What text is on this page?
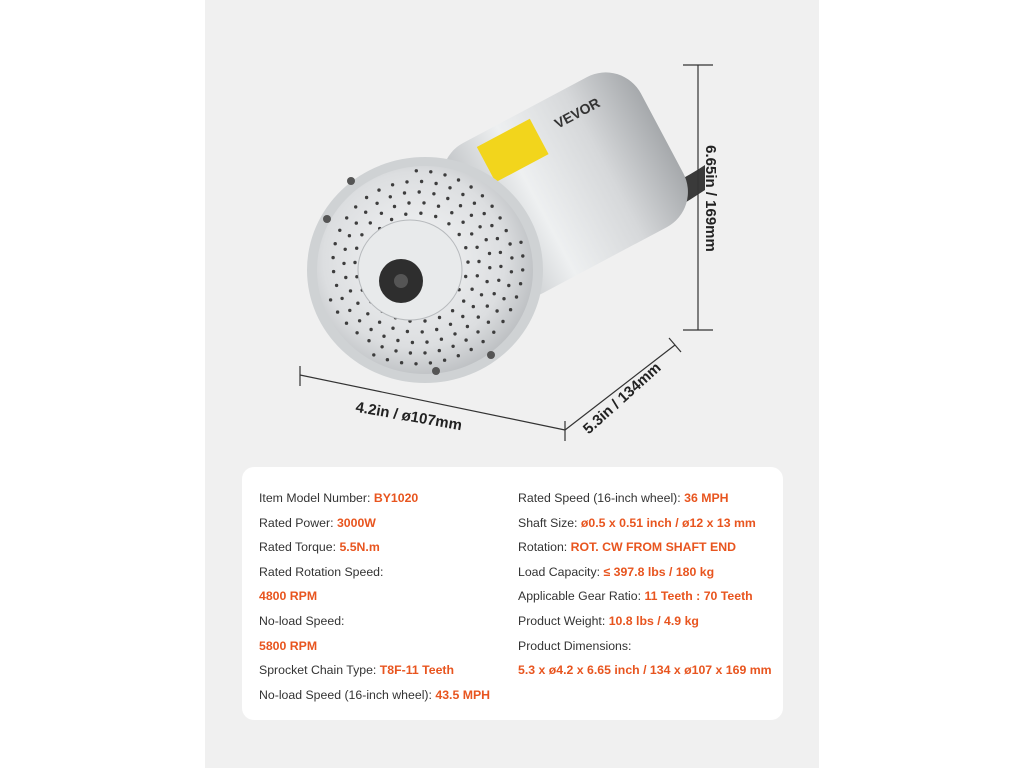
VEVOR
6.65in / 169mm
4.2in / ø107mm	5.3in / 134mm
Item Model Number: BY1020
Rated Power: 3000W
Rated Torque: 5.5N.m
Rated Rotation Speed:
4800 RPM
No-load Speed:
5800 RPM
Sprocket Chain Type: T8F-11 Teeth
No-load Speed (16-inch wheel): 43.5 MPH
Rated Speed (16-inch wheel): 36 MPH
Shaft Size: ø0.5 x 0.51 inch / ø12 x 13 mm
Rotation: ROT. CW FROM SHAFT END
Load Capacity: ≤ 397.8 lbs / 180 kg
Applicable Gear Ratio: 11 Teeth : 70 Teeth
Product Weight: 10.8 lbs / 4.9 kg
Product Dimensions:
5.3 x ø4.2 x 6.65 inch / 134 x ø107 x 169 mm
